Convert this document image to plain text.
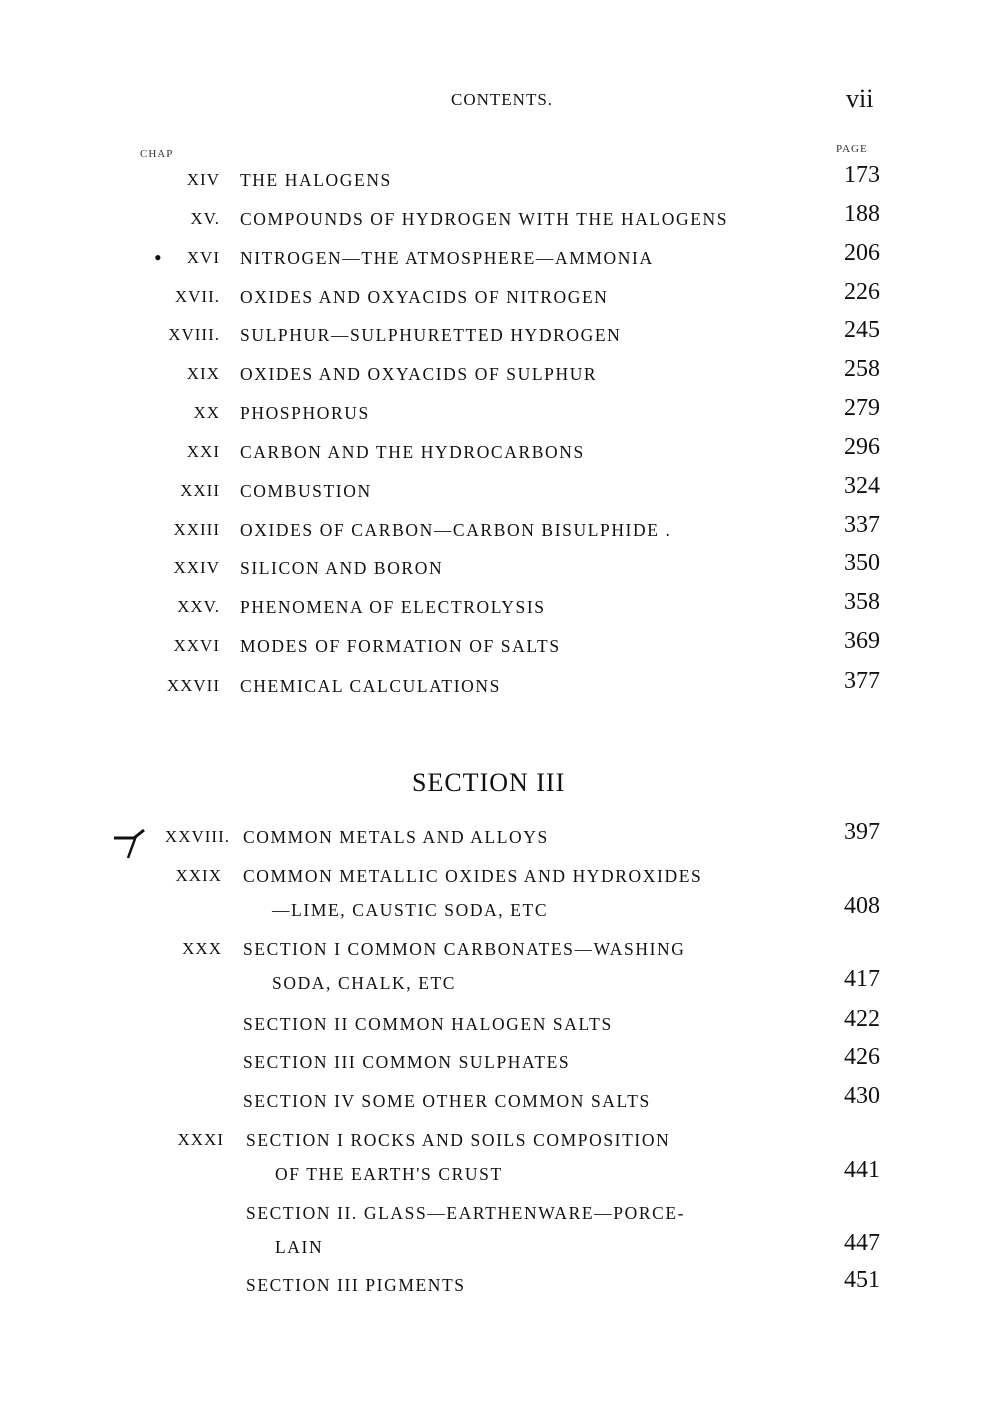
CONTENTS.	vii
CHAP	PAGE
XIV THE HALOGENS	173
XV. COMPOUNDS OF HYDROGEN WITH THE HALOGENS	188
•	XVI NITROGEN—THE ATMOSPHERE—AMMONIA	206
XVII. OXIDES AND OXYACIDS OF NITROGEN	226
XVIII. SULPHUR—SULPHURETTED HYDROGEN	245
XIX OXIDES AND OXYACIDS OF SULPHUR	258
XX PHOSPHORUS	279
XXI CARBON AND THE HYDROCARBONS	296
XXII COMBUSTION	324
XXIII OXIDES OF CARBON—CARBON BISULPHIDE .	337
XXIV SILICON AND BORON	350
XXV. PHENOMENA OF ELECTROLYSIS	358
XXVI MODES OF FORMATION OF SALTS	369
XXVII CHEMICAL CALCULATIONS	377
SECTION III
XXVIII. COMMON METALS AND ALLOYS	397
XXIX COMMON METALLIC OXIDES AND HYDROXIDES
—LIME, CAUSTIC SODA, ETC	408
XXX SECTION I COMMON CARBONATES—WASHING
SODA, CHALK, ETC	417
SECTION II COMMON HALOGEN SALTS	422
SECTION III COMMON SULPHATES	426
SECTION IV SOME OTHER COMMON SALTS	430
XXXI SECTION I ROCKS AND SOILS COMPOSITION
OF THE EARTH'S CRUST	441
SECTION II. GLASS—EARTHENWARE—PORCE-
LAIN	447
SECTION III PIGMENTS	451
